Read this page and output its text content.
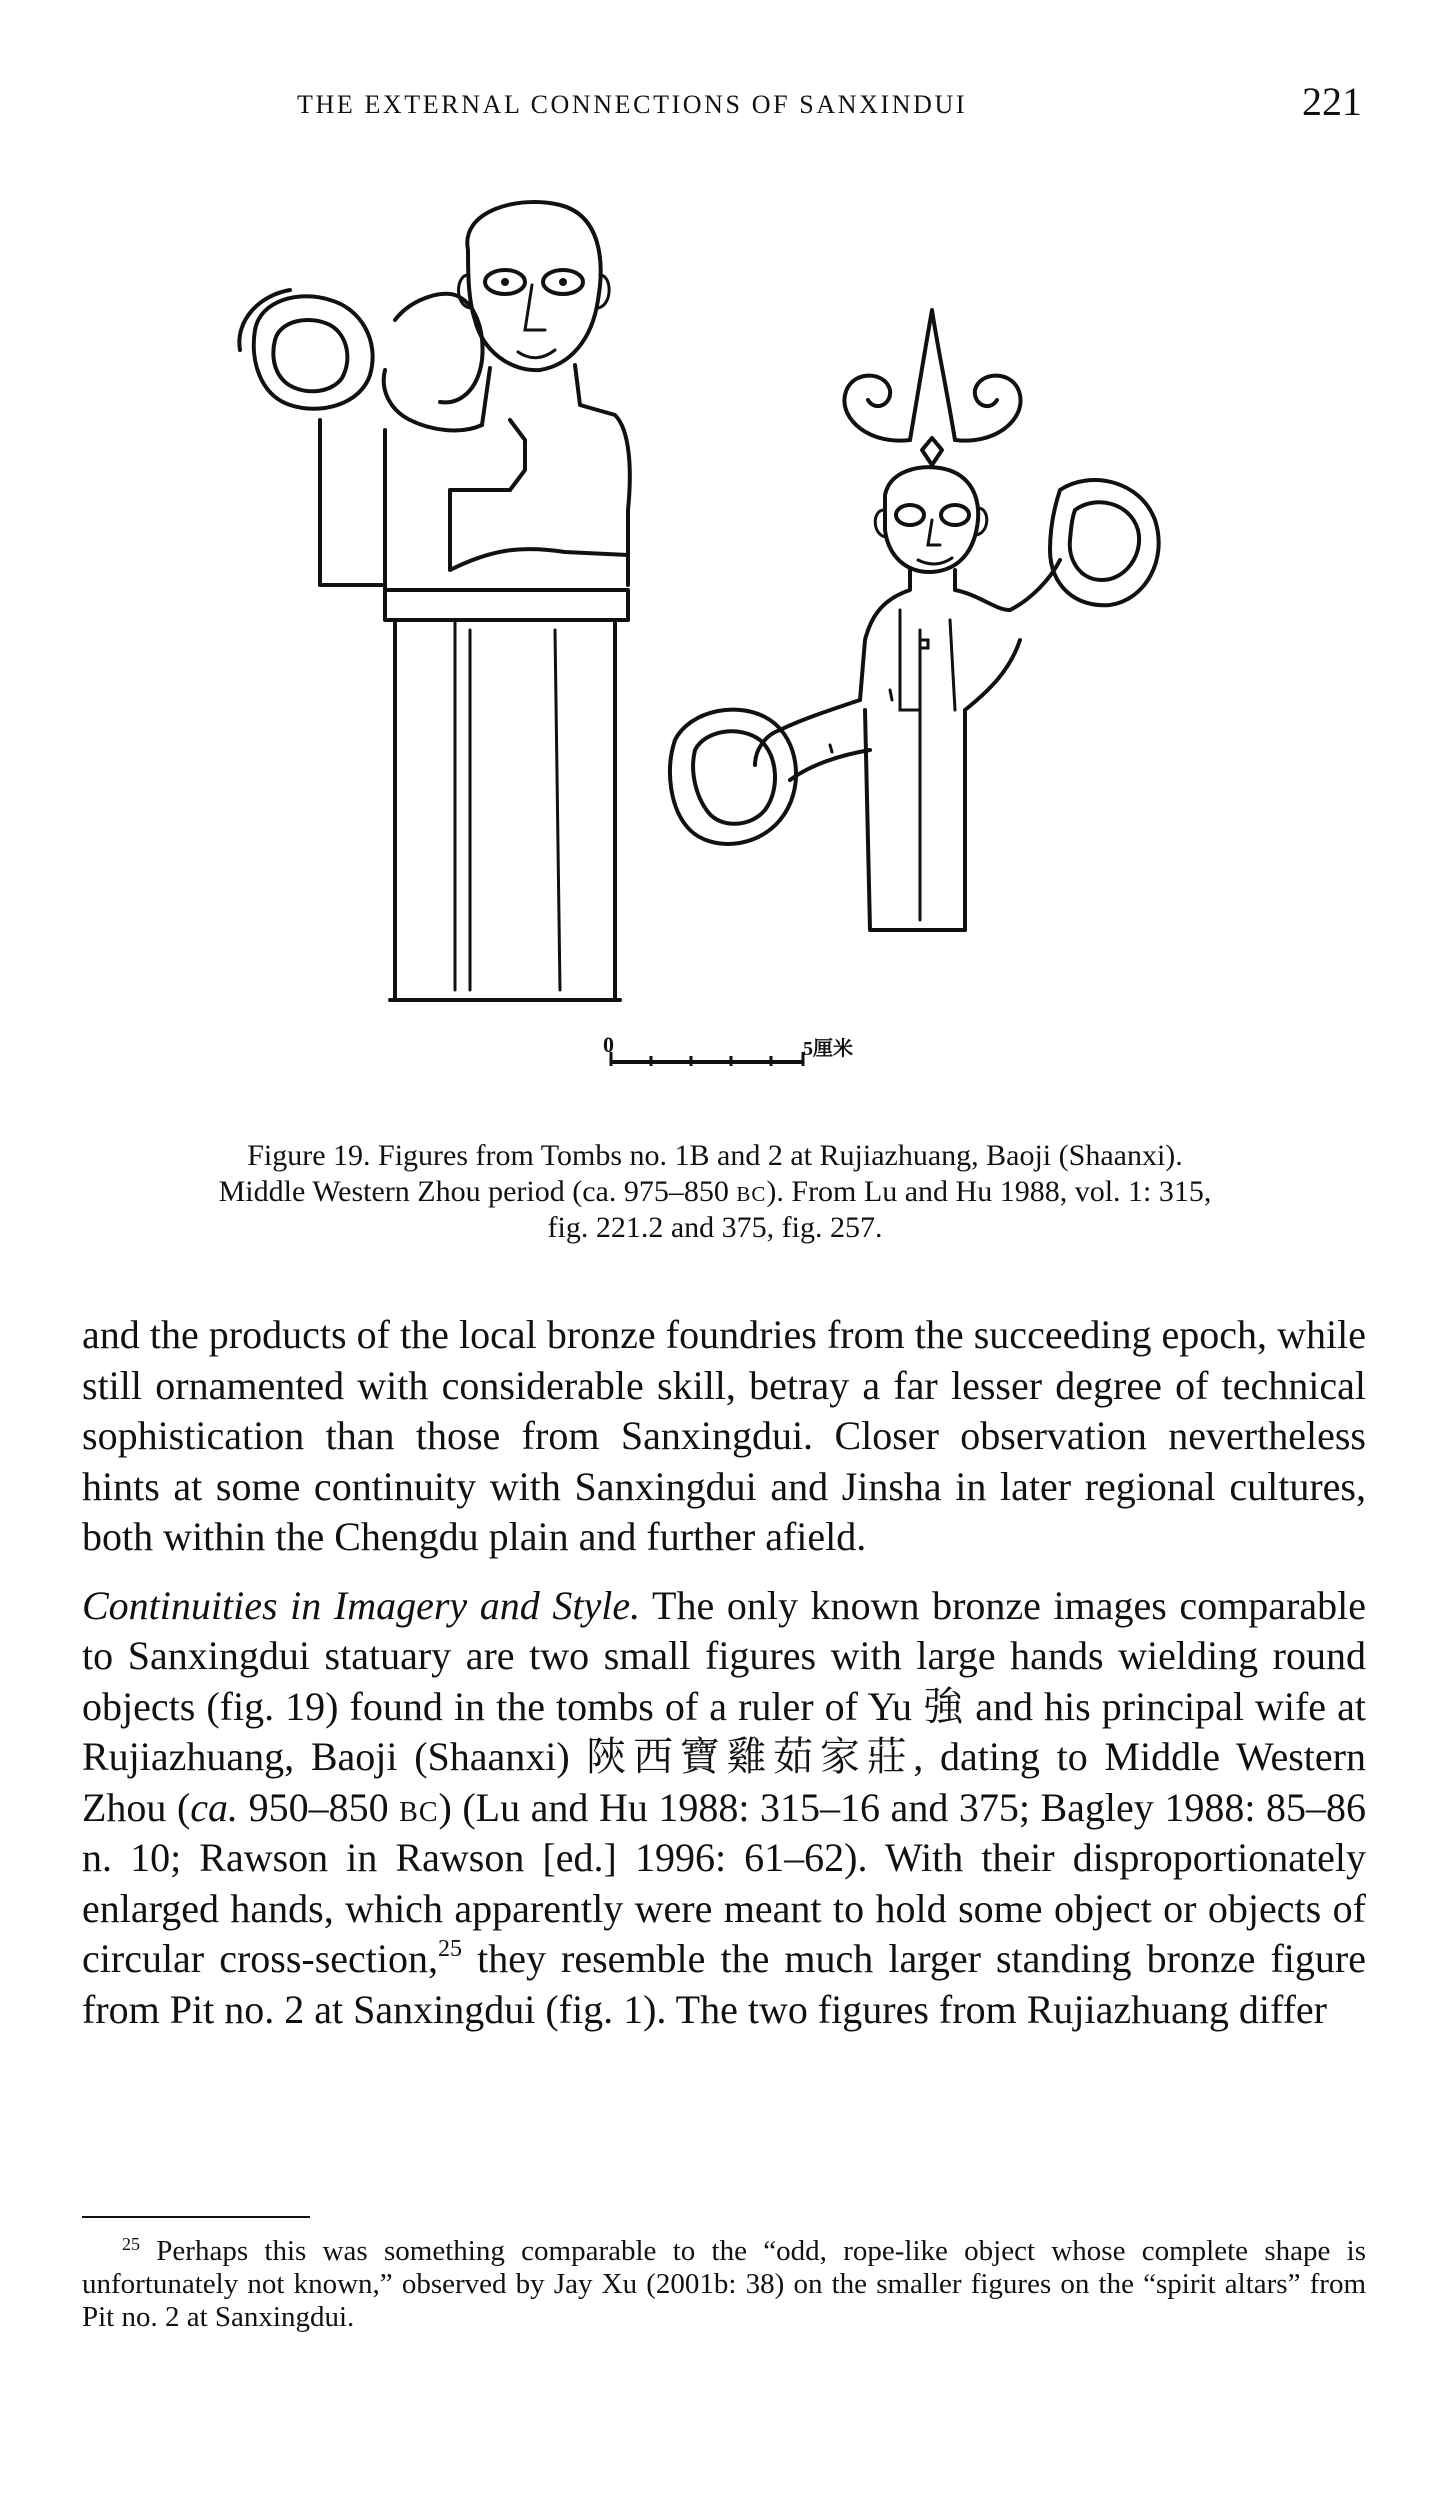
THE EXTERNAL CONNECTIONS OF SANXINDUI	221
0	5厘米
Figure 19. Figures from Tombs no. 1B and 2 at Rujiazhuang, Baoji (Shaanxi). Middle Western Zhou period (ca. 975–850 bc). From Lu and Hu 1988, vol. 1: 315, fig. 221.2 and 375, fig. 257.

and the products of the local bronze foundries from the succeeding epoch, while still ornamented with considerable skill, betray a far lesser degree of technical sophistication than those from Sanxingdui. Closer observation nevertheless hints at some continuity with Sanxingdui and Jinsha in later regional cultures, both within the Chengdu plain and further afield.

Continuities in Imagery and Style. The only known bronze images comparable to Sanxingdui statuary are two small figures with large hands wielding round objects (fig. 19) found in the tombs of a ruler of Yu 強 and his principal wife at Rujiazhuang, Baoji (Shaanxi) 陝西寶雞茹家莊, dating to Middle Western Zhou (ca. 950–850 bc) (Lu and Hu 1988: 315–16 and 375; Bagley 1988: 85–86 n. 10; Rawson in Rawson [ed.] 1996: 61–62). With their disproportionately enlarged hands, which apparently were meant to hold some object or objects of circular cross-section,$^{25}$ they resemble the much larger standing bronze figure from Pit no. 2 at Sanxingdui (fig. 1). The two figures from Rujiazhuang differ

$^{25}$ Perhaps this was something comparable to the “odd, rope-like object whose complete shape is unfortunately not known,” observed by Jay Xu (2001b: 38) on the smaller figures on the “spirit altars” from Pit no. 2 at Sanxingdui.
